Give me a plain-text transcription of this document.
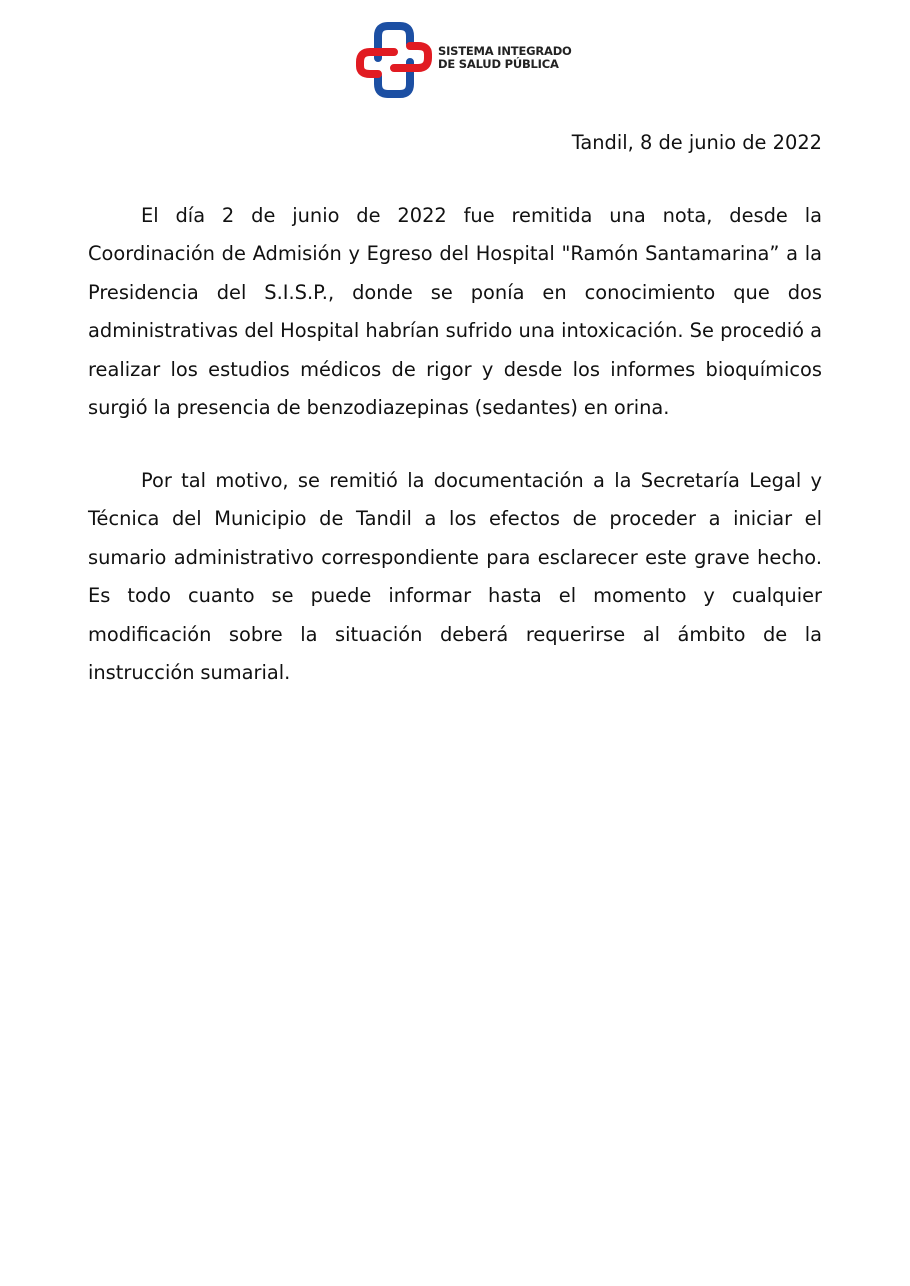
SISTEMA INTEGRADO
DE SALUD PÚBLICA
Tandil, 8 de junio de 2022

El día 2 de junio de 2022 fue remitida una nota, desde la Coordinación de Admisión y Egreso del Hospital "Ramón Santamarina” a la Presidencia del S.I.S.P., donde se ponía en conocimiento que dos administrativas del Hospital habrían sufrido una intoxicación. Se procedió a realizar los estudios médicos de rigor y desde los informes bioquímicos surgió la presencia de benzodiazepinas (sedantes) en orina.

Por tal motivo, se remitió la documentación a la Secretaría Legal y Técnica del Municipio de Tandil a los efectos de proceder a iniciar el sumario administrativo correspondiente para esclarecer este grave hecho. Es todo cuanto se puede informar hasta el momento y cualquier modificación sobre la situación deberá requerirse al ámbito de la instrucción sumarial.
